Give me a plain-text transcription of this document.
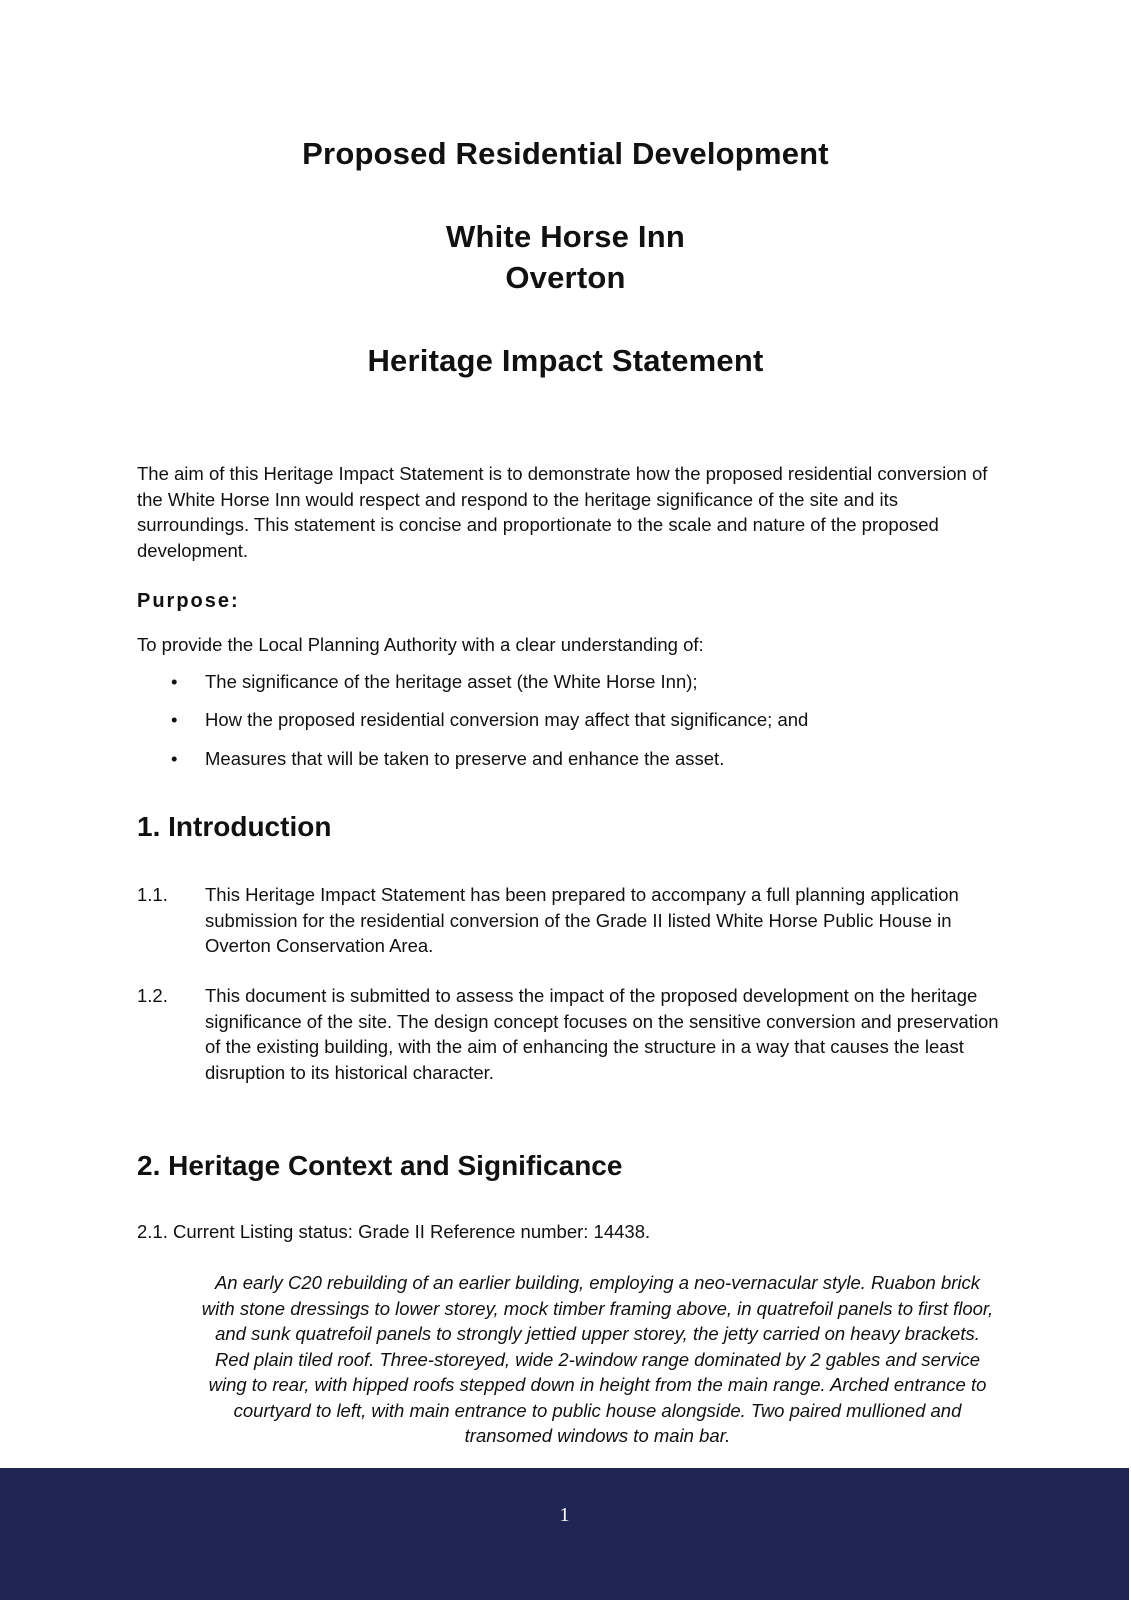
Proposed Residential Development
White Horse Inn
Overton
Heritage Impact Statement
The aim of this Heritage Impact Statement is to demonstrate how the proposed residential conversion of the White Horse Inn would respect and respond to the heritage significance of the site and its surroundings. This statement is concise and proportionate to the scale and nature of the proposed development.
Purpose:
To provide the Local Planning Authority with a clear understanding of:
• The significance of the heritage asset (the White Horse Inn);
• How the proposed residential conversion may affect that significance; and
• Measures that will be taken to preserve and enhance the asset.
1. Introduction
1.1. This Heritage Impact Statement has been prepared to accompany a full planning application submission for the residential conversion of the Grade II listed White Horse Public House in Overton Conservation Area.
1.2. This document is submitted to assess the impact of the proposed development on the heritage significance of the site. The design concept focuses on the sensitive conversion and preservation of the existing building, with the aim of enhancing the structure in a way that causes the least disruption to its historical character.
2. Heritage Context and Significance
2.1. Current Listing status: Grade II Reference number: 14438.
An early C20 rebuilding of an earlier building, employing a neo-vernacular style. Ruabon brick with stone dressings to lower storey, mock timber framing above, in quatrefoil panels to first floor, and sunk quatrefoil panels to strongly jettied upper storey, the jetty carried on heavy brackets. Red plain tiled roof. Three-storeyed, wide 2-window range dominated by 2 gables and service wing to rear, with hipped roofs stepped down in height from the main range. Arched entrance to courtyard to left, with main entrance to public house alongside. Two paired mullioned and transomed windows to main bar.
1
